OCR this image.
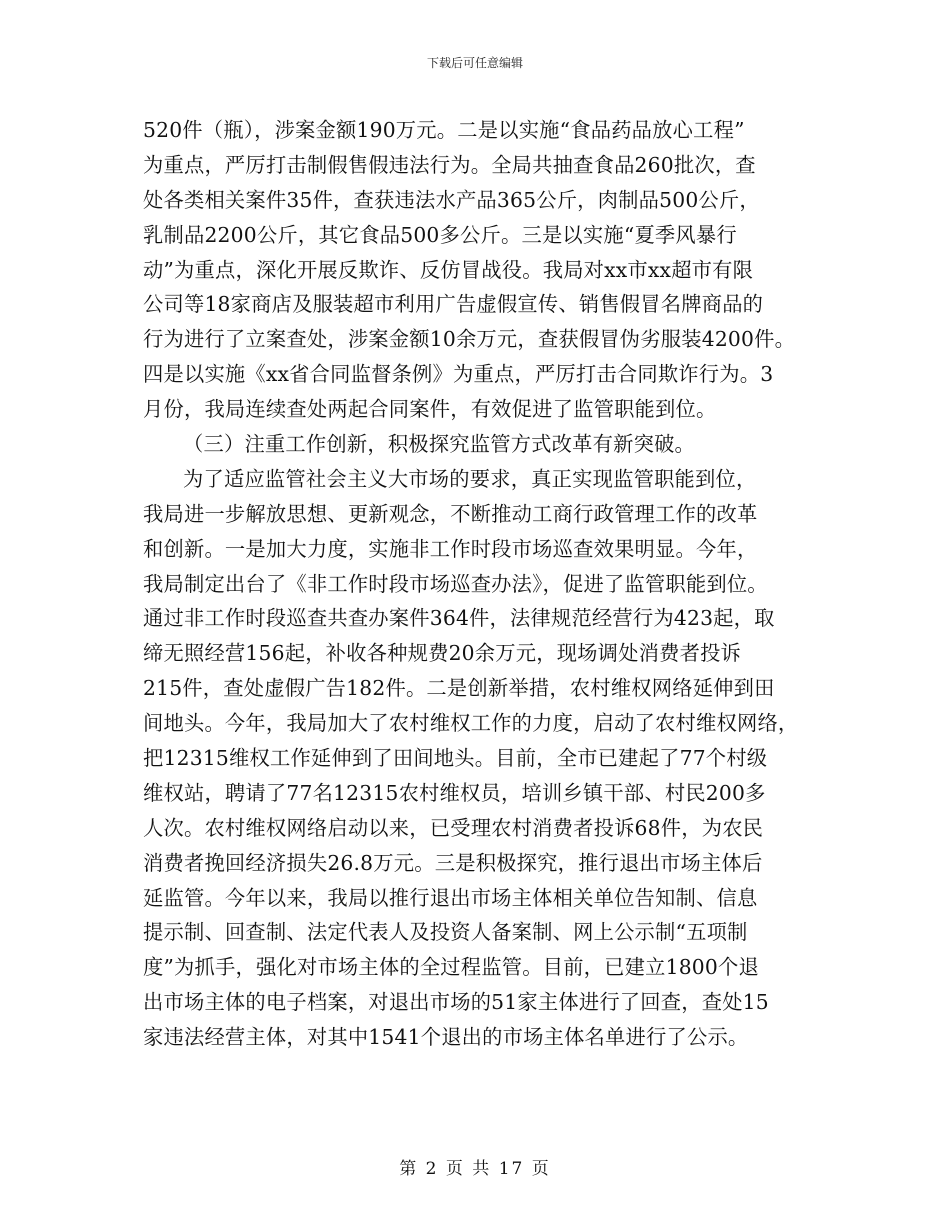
下载后可任意编辑
520件（瓶），涉案金额190万元。二是以实施“食品药品放心工程”
为重点，严厉打击制假售假违法行为。全局共抽查食品260批次，查
处各类相关案件35件，查获违法水产品365公斤，肉制品500公斤，
乳制品2200公斤，其它食品500多公斤。三是以实施“夏季风暴行
动”为重点，深化开展反欺诈、反仿冒战役。我局对xx市xx超市有限
公司等18家商店及服装超市利用广告虚假宣传、销售假冒名牌商品的
行为进行了立案查处，涉案金额10余万元，查获假冒伪劣服装4200件。
四是以实施《xx省合同监督条例》为重点，严厉打击合同欺诈行为。3
月份，我局连续查处两起合同案件，有效促进了监管职能到位。
（三）注重工作创新，积极探究监管方式改革有新突破。
为了适应监管社会主义大市场的要求，真正实现监管职能到位，
我局进一步解放思想、更新观念，不断推动工商行政管理工作的改革
和创新。一是加大力度，实施非工作时段市场巡查效果明显。今年，
我局制定出台了《非工作时段市场巡查办法》，促进了监管职能到位。
通过非工作时段巡查共查办案件364件，法律规范经营行为423起，取
缔无照经营156起，补收各种规费20余万元，现场调处消费者投诉
215件，查处虚假广告182件。二是创新举措，农村维权网络延伸到田
间地头。今年，我局加大了农村维权工作的力度，启动了农村维权网络，
把12315维权工作延伸到了田间地头。目前，全市已建起了77个村级
维权站，聘请了77名12315农村维权员，培训乡镇干部、村民200多
人次。农村维权网络启动以来，已受理农村消费者投诉68件，为农民
消费者挽回经济损失26.8万元。三是积极探究，推行退出市场主体后
延监管。今年以来，我局以推行退出市场主体相关单位告知制、信息
提示制、回查制、法定代表人及投资人备案制、网上公示制“五项制
度”为抓手，强化对市场主体的全过程监管。目前，已建立1800个退
出市场主体的电子档案，对退出市场的51家主体进行了回查，查处15
家违法经营主体，对其中1541个退出的市场主体名单进行了公示。
第 2 页 共 17 页
